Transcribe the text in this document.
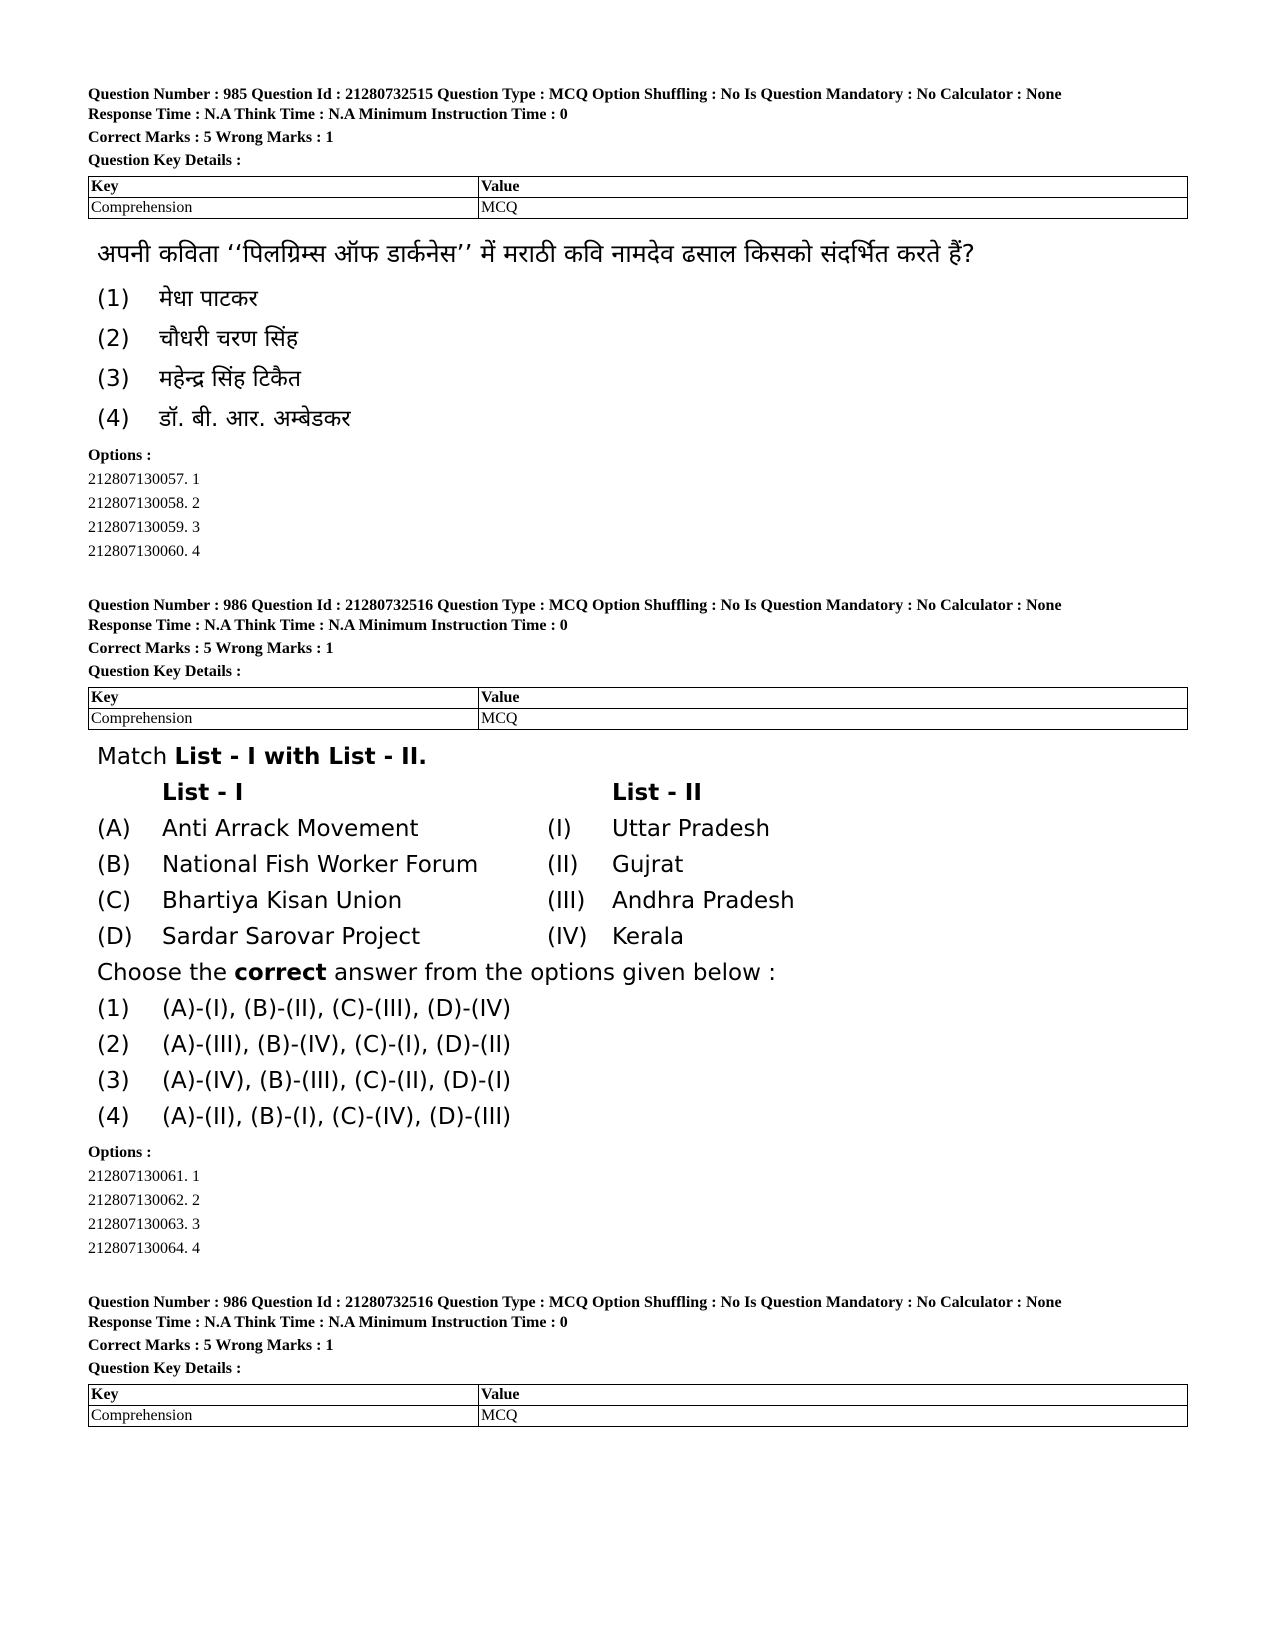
Question Number : 985 Question Id : 21280732515 Question Type : MCQ Option Shuffling : No Is Question Mandatory : No Calculator : None
Response Time : N.A Think Time : N.A Minimum Instruction Time : 0
Correct Marks : 5 Wrong Marks : 1
Question Key Details :
Key	Value
Comprehension	MCQ
अपनी कविता ‘‘पिलग्रिम्स ऑफ डार्कनेस’’ में मराठी कवि नामदेव ढसाल किसको संदर्भित करते हैं?
(1) मेधा पाटकर
(2) चौधरी चरण सिंह
(3) महेन्द्र सिंह टिकैत
(4) डॉ. बी. आर. अम्बेडकर
Options :
212807130057. 1
212807130058. 2
212807130059. 3
212807130060. 4
Question Number : 986 Question Id : 21280732516 Question Type : MCQ Option Shuffling : No Is Question Mandatory : No Calculator : None
Response Time : N.A Think Time : N.A Minimum Instruction Time : 0
Correct Marks : 5 Wrong Marks : 1
Question Key Details :
Key	Value
Comprehension	MCQ
Match List - I with List - II.
List - I	List - II
(A) Anti Arrack Movement	(I) Uttar Pradesh
(B) National Fish Worker Forum	(II) Gujrat
(C) Bhartiya Kisan Union	(III) Andhra Pradesh
(D) Sardar Sarovar Project	(IV) Kerala
Choose the correct answer from the options given below :
(1) (A)-(I), (B)-(II), (C)-(III), (D)-(IV)
(2) (A)-(III), (B)-(IV), (C)-(I), (D)-(II)
(3) (A)-(IV), (B)-(III), (C)-(II), (D)-(I)
(4) (A)-(II), (B)-(I), (C)-(IV), (D)-(III)
Options :
212807130061. 1
212807130062. 2
212807130063. 3
212807130064. 4
Question Number : 986 Question Id : 21280732516 Question Type : MCQ Option Shuffling : No Is Question Mandatory : No Calculator : None
Response Time : N.A Think Time : N.A Minimum Instruction Time : 0
Correct Marks : 5 Wrong Marks : 1
Question Key Details :
Key	Value
Comprehension	MCQ
